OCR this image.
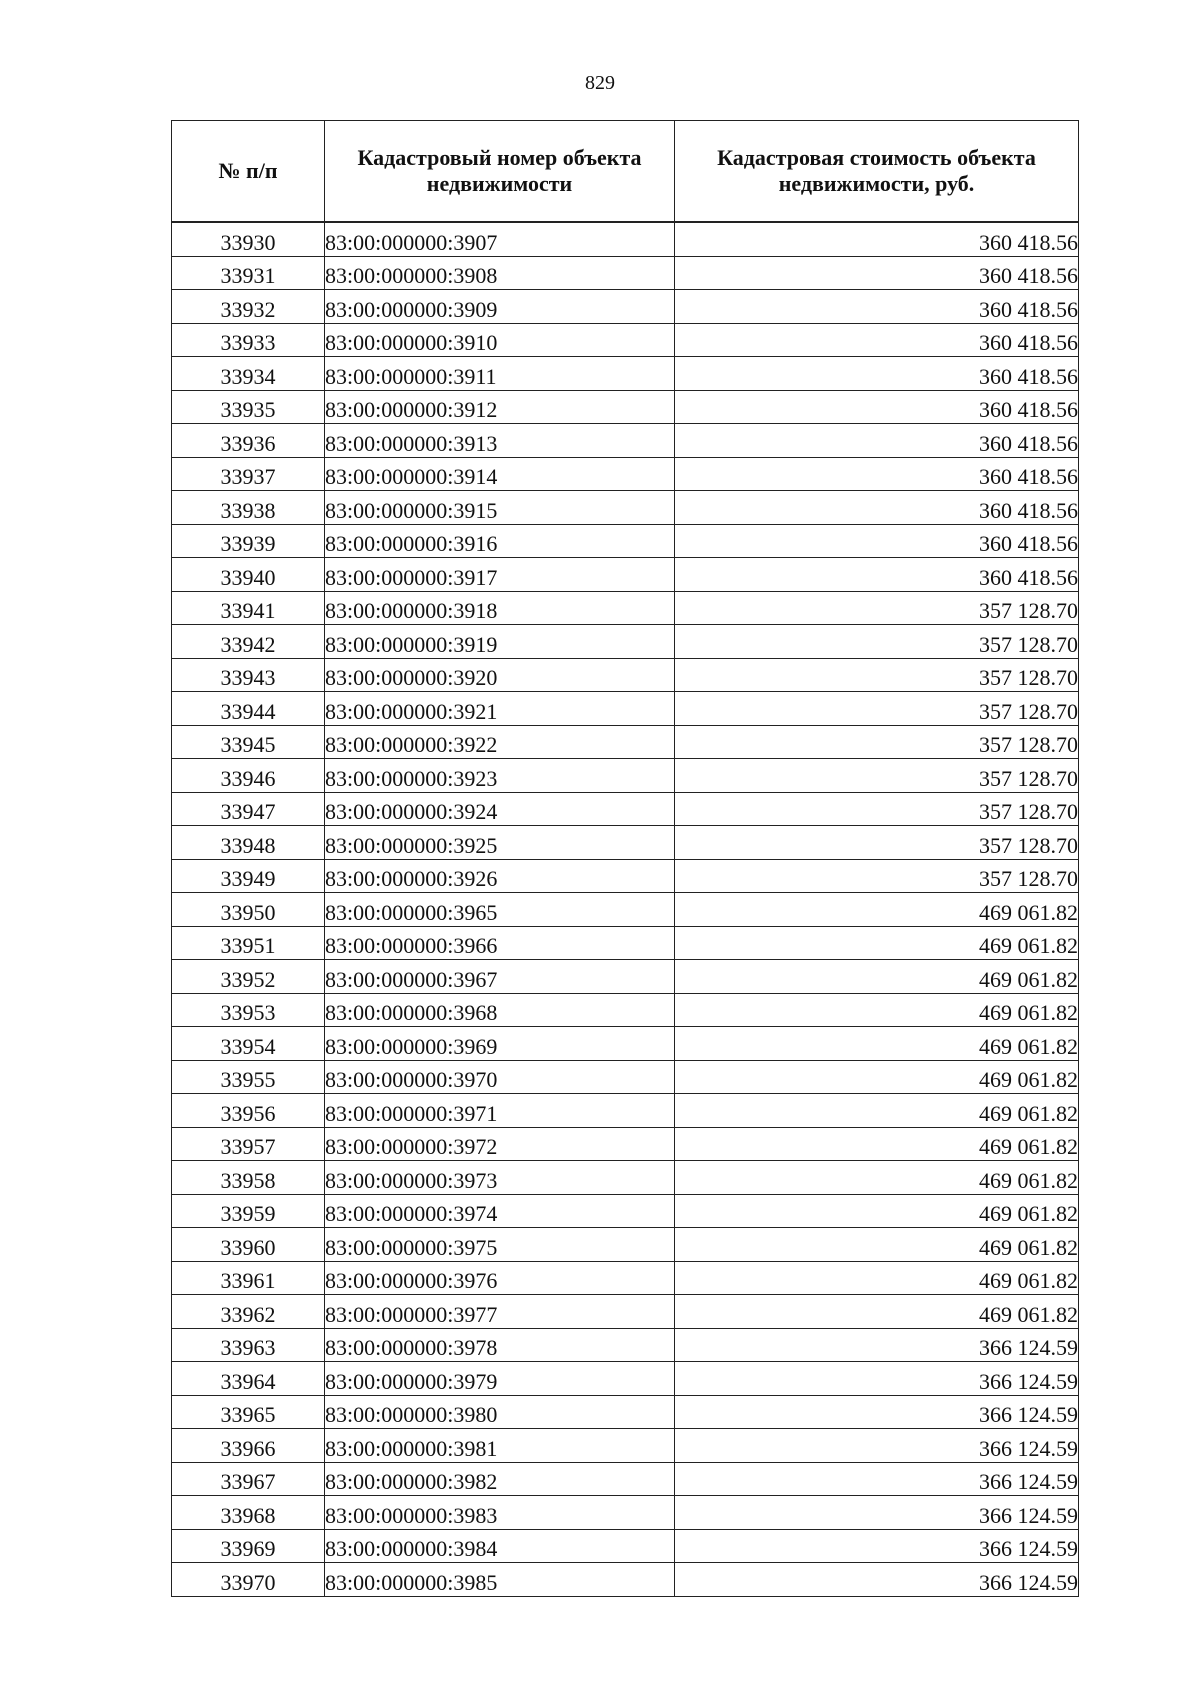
829
№ п/п	Кадастровый номер объекта недвижимости	Кадастровая стоимость объекта недвижимости, руб.
33930	83:00:000000:3907	360 418.56
33931	83:00:000000:3908	360 418.56
33932	83:00:000000:3909	360 418.56
33933	83:00:000000:3910	360 418.56
33934	83:00:000000:3911	360 418.56
33935	83:00:000000:3912	360 418.56
33936	83:00:000000:3913	360 418.56
33937	83:00:000000:3914	360 418.56
33938	83:00:000000:3915	360 418.56
33939	83:00:000000:3916	360 418.56
33940	83:00:000000:3917	360 418.56
33941	83:00:000000:3918	357 128.70
33942	83:00:000000:3919	357 128.70
33943	83:00:000000:3920	357 128.70
33944	83:00:000000:3921	357 128.70
33945	83:00:000000:3922	357 128.70
33946	83:00:000000:3923	357 128.70
33947	83:00:000000:3924	357 128.70
33948	83:00:000000:3925	357 128.70
33949	83:00:000000:3926	357 128.70
33950	83:00:000000:3965	469 061.82
33951	83:00:000000:3966	469 061.82
33952	83:00:000000:3967	469 061.82
33953	83:00:000000:3968	469 061.82
33954	83:00:000000:3969	469 061.82
33955	83:00:000000:3970	469 061.82
33956	83:00:000000:3971	469 061.82
33957	83:00:000000:3972	469 061.82
33958	83:00:000000:3973	469 061.82
33959	83:00:000000:3974	469 061.82
33960	83:00:000000:3975	469 061.82
33961	83:00:000000:3976	469 061.82
33962	83:00:000000:3977	469 061.82
33963	83:00:000000:3978	366 124.59
33964	83:00:000000:3979	366 124.59
33965	83:00:000000:3980	366 124.59
33966	83:00:000000:3981	366 124.59
33967	83:00:000000:3982	366 124.59
33968	83:00:000000:3983	366 124.59
33969	83:00:000000:3984	366 124.59
33970	83:00:000000:3985	366 124.59
